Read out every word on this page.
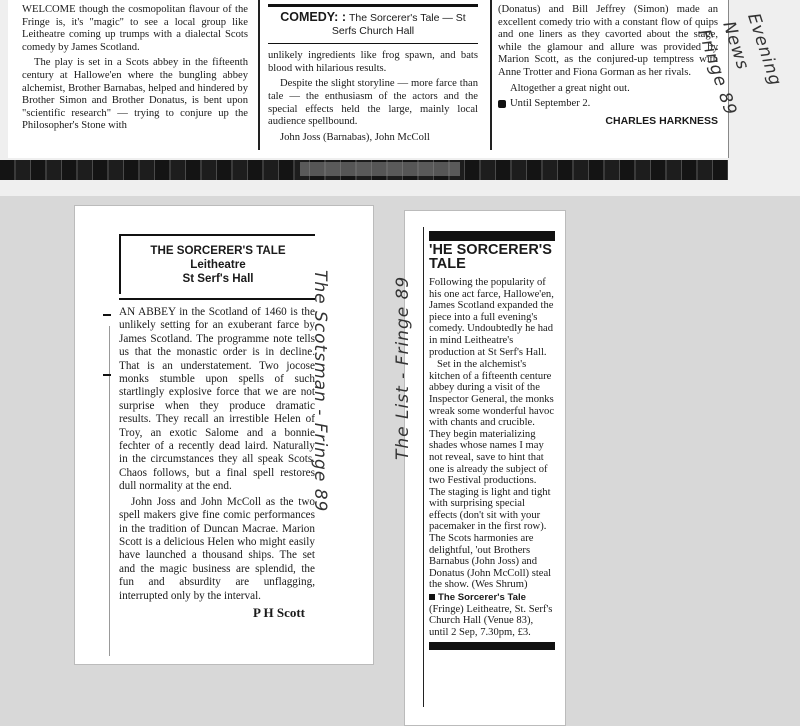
WELCOME though the cosmopolitan flavour of the Fringe is, it's "magic" to see a local group like Leitheatre coming up trumps with a dialectal Scots comedy by James Scotland.

The play is set in a Scots abbey in the fifteenth century at Hallowe'en where the bungling abbey alchemist, Brother Barnabas, helped and hindered by Brother Simon and Brother Donatus, is bent upon "scientific research" — trying to conjure up the Philosopher's Stone with

COMEDY: : The Sorcerer's Tale — St Serfs Church Hall

unlikely ingredients like frog spawn, and bats blood with hilarious results.

Despite the slight storyline — more farce than tale — the enthusiasm of the actors and the special effects held the large, mainly local audience spellbound.

John Joss (Barnabas), John McColl

(Donatus) and Bill Jeffrey (Simon) made an excellent comedy trio with a constant flow of quips and one liners as they cavorted about the stage, while the glamour and allure was provided by Marion Scott, as the conjured-up temptress with Anne Trotter and Fiona Gorman as her rivals.

Altogether a great night out.

Until September 2.

CHARLES HARKNESS
Evening News Fringe 89
THE SORCERER'S TALE
Leitheatre
St Serf's Hall

AN ABBEY in the Scotland of 1460 is the unlikely setting for an exuberant farce by James Scotland. The programme note tells us that the monastic order is in decline. That is an understatement. Two jocose monks stumble upon spells of such startlingly explosive force that we are not surprise when they produce dramatic results. They recall an irrestible Helen of Troy, an exotic Salome and a bonnie fechter of a recently dead laird. Naturally in the circumstances they all speak Scots. Chaos follows, but a final spell restores dull normality at the end.

John Joss and John McColl as the two spell makers give fine comic performances in the tradition of Duncan Macrae. Marion Scott is a delicious Helen who might easily have launched a thousand ships. The set and the magic business are splendid, the fun and absurdity are unflagging, interrupted only by the interval.

P H Scott
The Scotsman - Fringe 89
'HE SORCERER'S TALE

Following the popularity of his one act farce, Hallowe'en, James Scotland expanded the piece into a full evening's comedy. Undoubtedly he had in mind Leitheatre's production at St Serf's Hall.

Set in the alchemist's kitchen of a fifteenth centure abbey during a visit of the Inspector General, the monks wreak some wonderful havoc with chants and crucible. They begin materializing shades whose names I may not reveal, save to hint that one is already the subject of two Festival productions. The staging is light and tight with surprising special effects (don't sit with your pacemaker in the first row). The Scots harmonies are delightful, 'out Brothers Barnabus (John Joss) and Donatus (John McColl) steal the show. (Wes Shrum)

The Sorcerer's Tale (Fringe) Leitheatre, St. Serf's Church Hall (Venue 83), until 2 Sep, 7.30pm, £3.

The List - Fringe 89
